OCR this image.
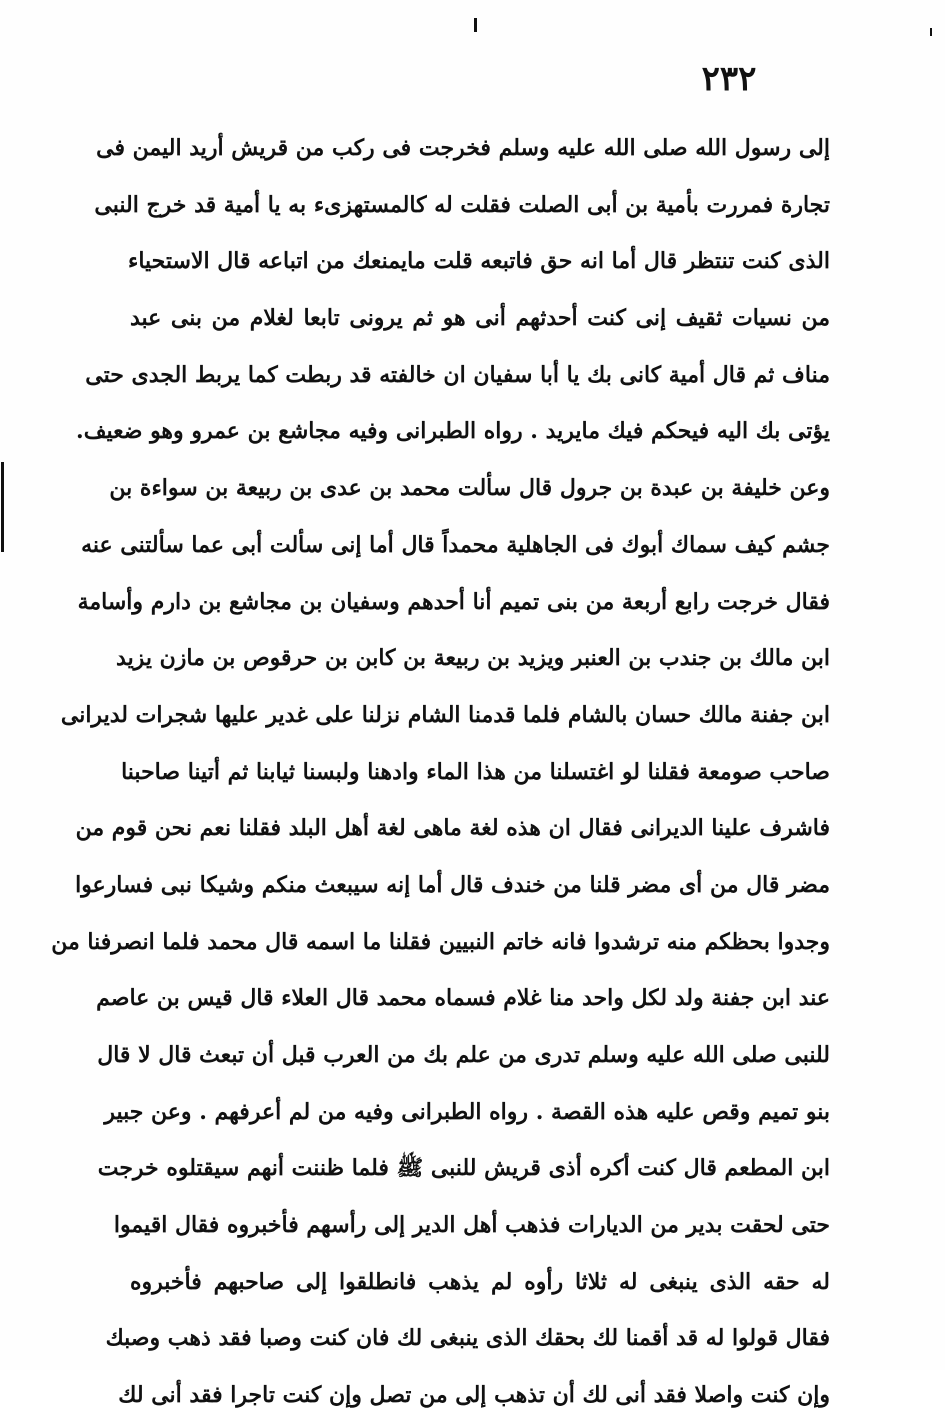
٢٣٢
إلى رسول الله صلى الله عليه وسلم فخرجت فى ركب من قريش أريد اليمن فى
تجارة فمررت بأمية بن أبى الصلت فقلت له كالمستهزىء به يا أمية قد خرج النبى
الذى كنت تنتظر قال أما انه حق فاتبعه قلت مايمنعك من اتباعه قال الاستحياء
من نسيات ثقيف إنى كنت أحدثهم أنى هو ثم يرونى تابعا لغلام من بنى عبد
مناف ثم قال أمية كانى بك يا أبا سفيان ان خالفته قد ربطت كما يربط الجدى حتى
يؤتى بك اليه فيحكم فيك مايريد . رواه الطبرانى وفيه مجاشع بن عمرو وهو ضعيف.
وعن خليفة بن عبدة بن جرول قال سألت محمد بن عدى بن ربيعة بن سواءة بن
جشم كيف سماك أبوك فى الجاهلية محمداً قال أما إنى سألت أبى عما سألتنى عنه
فقال خرجت رابع أربعة من بنى تميم أنا أحدهم وسفيان بن مجاشع بن دارم وأسامة
ابن مالك بن جندب بن العنبر ويزيد بن ربيعة بن كابن بن حرقوص بن مازن يزيد
ابن جفنة مالك حسان بالشام فلما قدمنا الشام نزلنا على غدير عليها شجرات لديرانى
صاحب صومعة فقلنا لو اغتسلنا من هذا الماء وادهنا ولبسنا ثيابنا ثم أتينا صاحبنا
فاشرف علينا الديرانى فقال ان هذه لغة ماهى لغة أهل البلد فقلنا نعم نحن قوم من
مضر قال من أى مضر قلنا من خندف قال أما إنه سيبعث منكم وشيكا نبى فسارعوا
وجدوا بحظكم منه ترشدوا فانه خاتم النبيين فقلنا ما اسمه قال محمد فلما انصرفنا من
عند ابن جفنة ولد لكل واحد منا غلام فسماه محمد قال العلاء قال قيس بن عاصم
للنبى صلى الله عليه وسلم تدرى من علم بك من العرب قبل أن تبعث قال لا قال
بنو تميم وقص عليه هذه القصة . رواه الطبرانى وفيه من لم أعرفهم . وعن جبير
ابن المطعم قال كنت أكره أذى قريش للنبى ﷺ فلما ظننت أنهم سيقتلوه خرجت
حتى لحقت بدير من الديارات فذهب أهل الدير إلى رأسهم فأخبروه فقال اقيموا
له حقه الذى ينبغى له ثلاثا رأوه لم يذهب فانطلقوا إلى صاحبهم فأخبروه
فقال قولوا له قد أقمنا لك بحقك الذى ينبغى لك فان كنت وصبا فقد ذهب وصبك
وإن كنت واصلا فقد أنى لك أن تذهب إلى من تصل وإن كنت تاجرا فقد أنى لك
